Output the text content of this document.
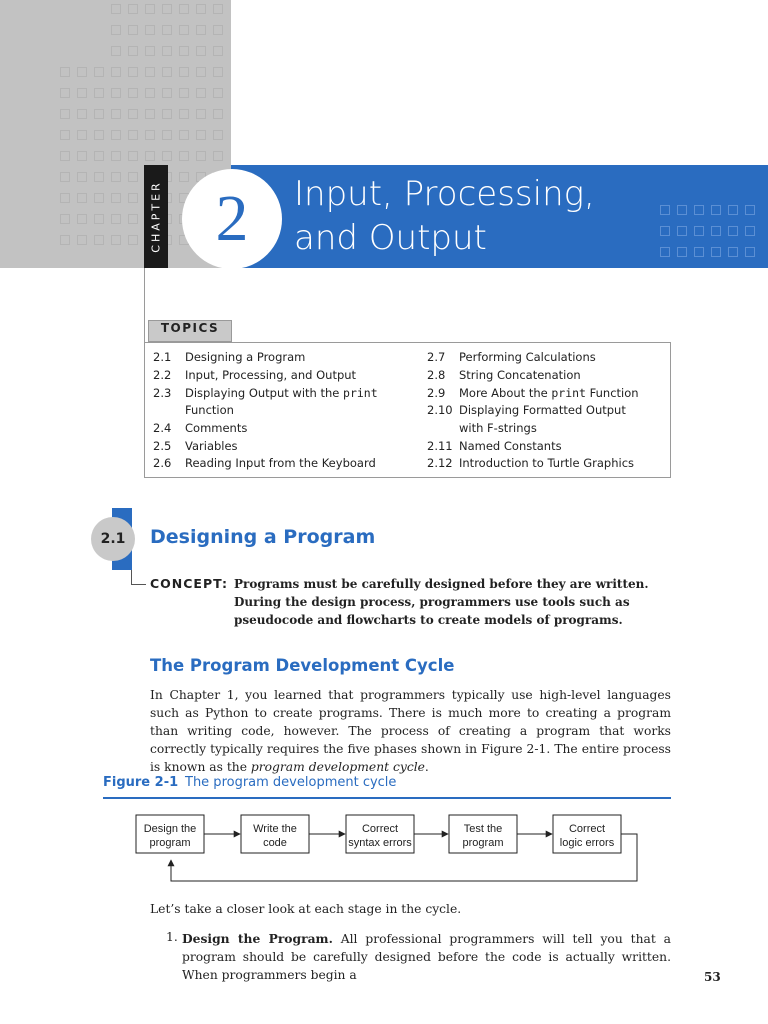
CHAPTER 2 Input, Processing,
and Output
TOPICS
2.1 Designing a Program
2.2 Input, Processing, and Output
2.3 Displaying Output with the print
Function
2.4 Comments
2.5 Variables
2.6 Reading Input from the Keyboard
2.7 Performing Calculations
2.8 String Concatenation
2.9 More About the print Function
2.10 Displaying Formatted Output
with F-strings
2.11 Named Constants
2.12 Introduction to Turtle Graphics
2.1 Designing a Program
CONCEPT: Programs must be carefully designed before they are written. During the design process, programmers use tools such as pseudocode and flowcharts to create models of programs.
The Program Development Cycle
In Chapter 1, you learned that programmers typically use high-level languages such as Python to create programs. There is much more to creating a program than writing code, however. The process of creating a program that works correctly typically requires the five phases shown in Figure 2-1. The entire process is known as the program development cycle.
Figure 2-1 The program development cycle
Design the
program
Write the
code
Correct
syntax errors
Test the
program
Correct
logic errors
Let’s take a closer look at each stage in the cycle.
1. Design the Program. All professional programmers will tell you that a program should be carefully designed before the code is actually written. When programmers begin a	53
